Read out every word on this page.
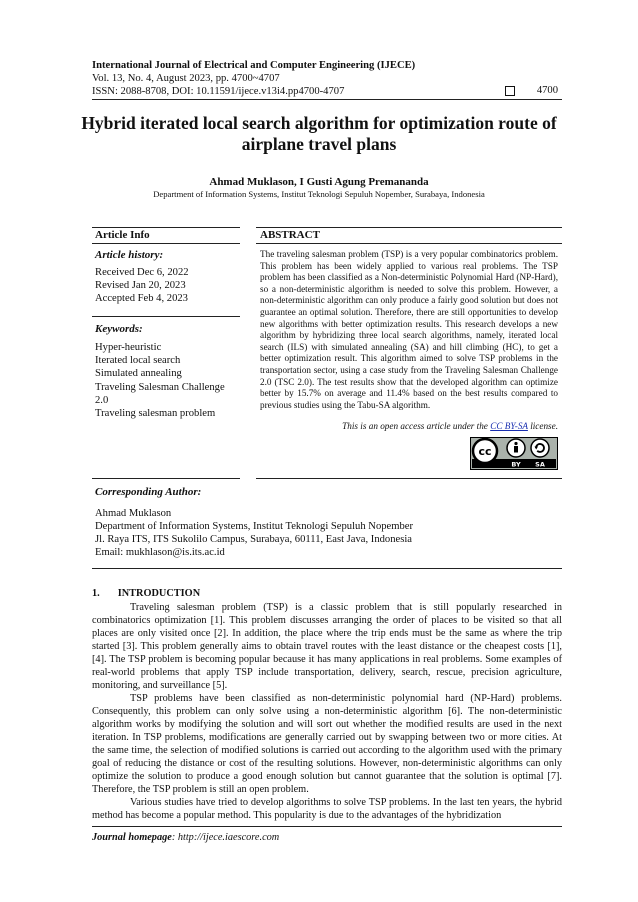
International Journal of Electrical and Computer Engineering (IJECE)
Vol. 13, No. 4, August 2023, pp. 4700~4707
ISSN: 2088-8708, DOI: 10.11591/ijece.v13i4.pp4700-4707	4700
Hybrid iterated local search algorithm for optimization route of airplane travel plans
Ahmad Muklason, I Gusti Agung Premananda
Department of Information Systems, Institut Teknologi Sepuluh Nopember, Surabaya, Indonesia
Article Info	ABSTRACT
Article history:
Received Dec 6, 2022
Revised Jan 20, 2023
Accepted Feb 4, 2023
Keywords:
Hyper-heuristic
Iterated local search
Simulated annealing
Traveling Salesman Challenge
2.0
Traveling salesman problem
The traveling salesman problem (TSP) is a very popular combinatorics problem. This problem has been widely applied to various real problems. The TSP problem has been classified as a Non-deterministic Polynomial Hard (NP-Hard), so a non-deterministic algorithm is needed to solve this problem. However, a non-deterministic algorithm can only produce a fairly good solution but does not guarantee an optimal solution. Therefore, there are still opportunities to develop new algorithms with better optimization results. This research develops a new algorithm by hybridizing three local search algorithms, namely, iterated local search (ILS) with simulated annealing (SA) and hill climbing (HC), to get a better optimization result. This algorithm aimed to solve TSP problems in the transportation sector, using a case study from the Traveling Salesman Challenge 2.0 (TSC 2.0). The test results show that the developed algorithm can optimize better by 15.7% on average and 11.4% based on the best results compared to previous studies using the Tabu-SA algorithm.
This is an open access article under the CC BY-SA license.
cc
BY SA
Corresponding Author:
Ahmad Muklason
Department of Information Systems, Institut Teknologi Sepuluh Nopember
Jl. Raya ITS, ITS Sukolilo Campus, Surabaya, 60111, East Java, Indonesia
Email: mukhlason@is.its.ac.id
1.       INTRODUCTION

Traveling salesman problem (TSP) is a classic problem that is still popularly researched in combinatorics optimization [1]. This problem discusses arranging the order of places to be visited so that all places are only visited once [2]. In addition, the place where the trip ends must be the same as where the trip started [3]. This problem generally aims to obtain travel routes with the least distance or the cheapest costs [1], [4]. The TSP problem is becoming popular because it has many applications in real problems. Some examples of real-world problems that apply TSP include transportation, delivery, search, rescue, precision agriculture, monitoring, and surveillance [5].

TSP problems have been classified as non-deterministic polynomial hard (NP-Hard) problems. Consequently, this problem can only solve using a non-deterministic algorithm [6]. The non-deterministic algorithm works by modifying the solution and will sort out whether the modified results are used in the next iteration. In TSP problems, modifications are generally carried out by swapping between two or more cities. At the same time, the selection of modified solutions is carried out according to the algorithm used with the primary goal of reducing the distance or cost of the resulting solutions. However, non-deterministic algorithms can only optimize the solution to produce a good enough solution but cannot guarantee that the solution is optimal [7]. Therefore, the TSP problem is still an open problem.

Various studies have tried to develop algorithms to solve TSP problems. In the last ten years, the hybrid method has become a popular method. This popularity is due to the advantages of the hybridization

Journal homepage: http://ijece.iaescore.com
